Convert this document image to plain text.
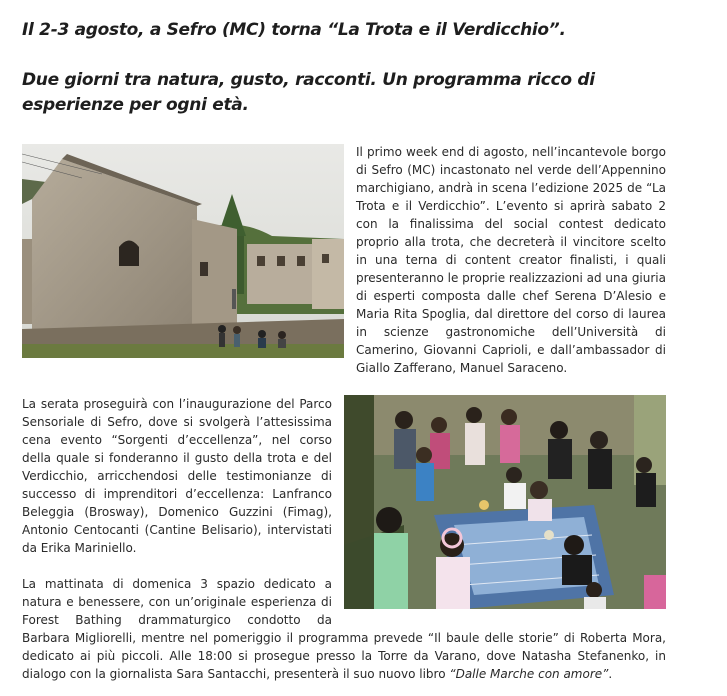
Il 2-3 agosto, a Sefro (MC) torna “La Trota e il Verdicchio”.

Due giorni tra natura, gusto, racconti. Un programma ricco di esperienze per ogni età.

Il primo week end di agosto, nell’incantevole borgo di Sefro (MC) incastonato nel verde dell’Appennino marchigiano, andrà in scena l’edizione 2025 de “La Trota e il Verdicchio”. L’evento si aprirà sabato 2 con la finalissima del social contest dedicato proprio alla trota, che decreterà il vincitore scelto in una terna di content creator finalisti, i quali presenteranno le proprie realizzazioni ad una giuria di esperti composta dalle chef Serena D’Alesio e Maria Rita Spoglia, dal direttore del corso di laurea in scienze gastronomiche dell’Università di Camerino, Giovanni Caprioli, e dall’ambassador di Giallo Zafferano, Manuel Saraceno.
La serata proseguirà con l’inaugurazione del Parco Sensoriale di Sefro, dove si svolgerà l’attesissima cena evento “Sorgenti d’eccellenza”, nel corso della quale si fonderanno il gusto della trota e del Verdicchio, arricchendosi delle testimonianze di successo di imprenditori d’eccellenza: Lanfranco Beleggia (Brosway), Domenico Guzzini (Fimag), Antonio Centocanti (Cantine Belisario), intervistati da Erika Mariniello.
La mattinata di domenica 3 spazio dedicato a natura e benessere, con un’originale esperienza di Forest Bathing drammaturgico condotto da Barbara Migliorelli, mentre nel pomeriggio il programma prevede “Il baule delle storie” di Roberta Mora, dedicato ai più piccoli. Alle 18:00 si prosegue presso la Torre da Varano, dove Natasha Stefanenko, in dialogo con la giornalista Sara Santacchi, presenterà il suo nuovo libro “Dalle Marche con amore”.
